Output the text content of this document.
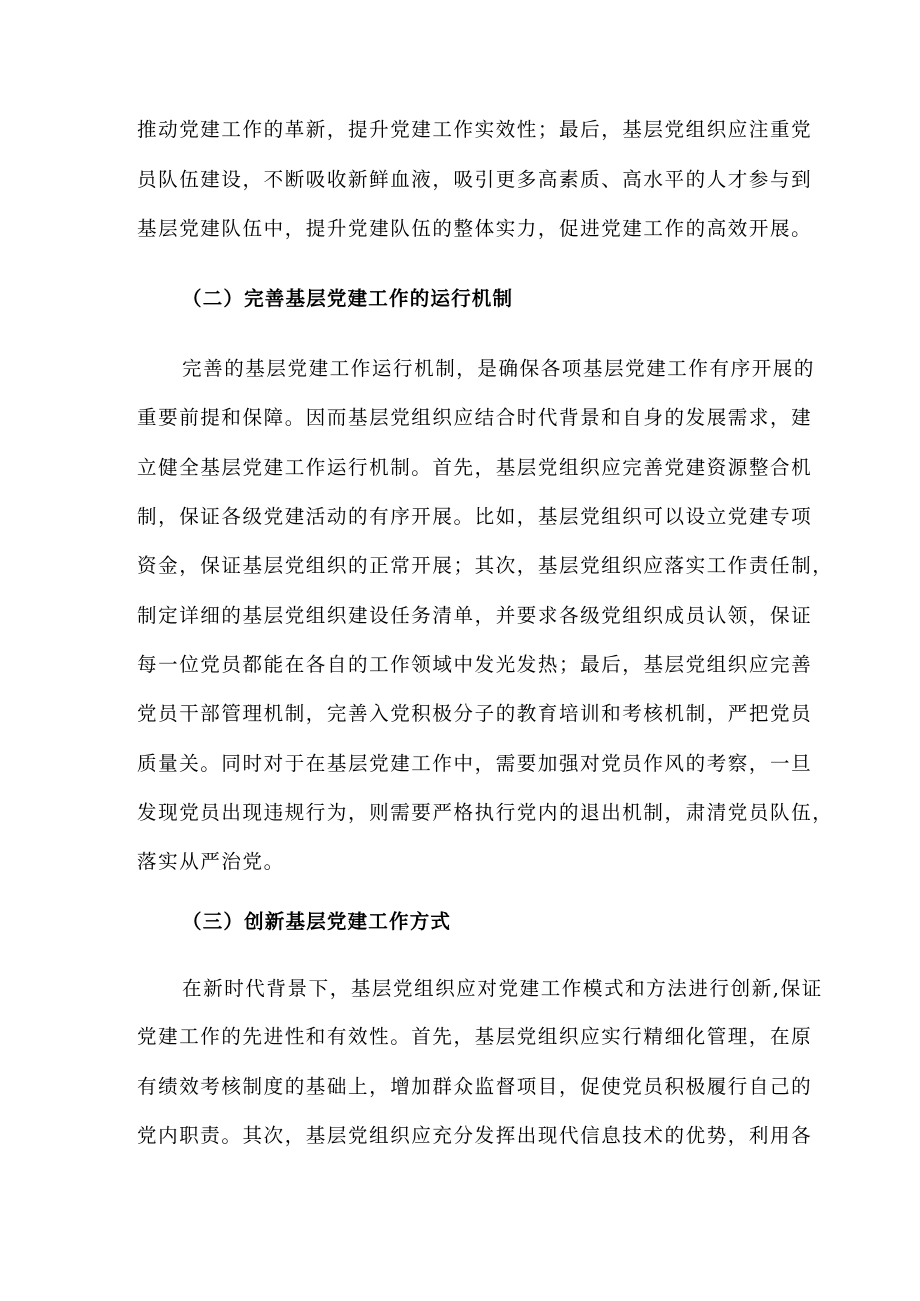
推动党建工作的革新，提升党建工作实效性；最后，基层党组织应注重党
员队伍建设，不断吸收新鲜血液，吸引更多高素质、高水平的人才参与到
基层党建队伍中，提升党建队伍的整体实力，促进党建工作的高效开展。
（二）完善基层党建工作的运行机制
完善的基层党建工作运行机制，是确保各项基层党建工作有序开展的
重要前提和保障。因而基层党组织应结合时代背景和自身的发展需求，建
立健全基层党建工作运行机制。首先，基层党组织应完善党建资源整合机
制，保证各级党建活动的有序开展。比如，基层党组织可以设立党建专项
资金，保证基层党组织的正常开展；其次，基层党组织应落实工作责任制，
制定详细的基层党组织建设任务清单，并要求各级党组织成员认领，保证
每一位党员都能在各自的工作领域中发光发热；最后，基层党组织应完善
党员干部管理机制，完善入党积极分子的教育培训和考核机制，严把党员
质量关。同时对于在基层党建工作中，需要加强对党员作风的考察，一旦
发现党员出现违规行为，则需要严格执行党内的退出机制，肃清党员队伍，
落实从严治党。
（三）创新基层党建工作方式
在新时代背景下，基层党组织应对党建工作模式和方法进行创新,保证
党建工作的先进性和有效性。首先，基层党组织应实行精细化管理，在原
有绩效考核制度的基础上，增加群众监督项目，促使党员积极履行自己的
党内职责。其次，基层党组织应充分发挥出现代信息技术的优势，利用各
